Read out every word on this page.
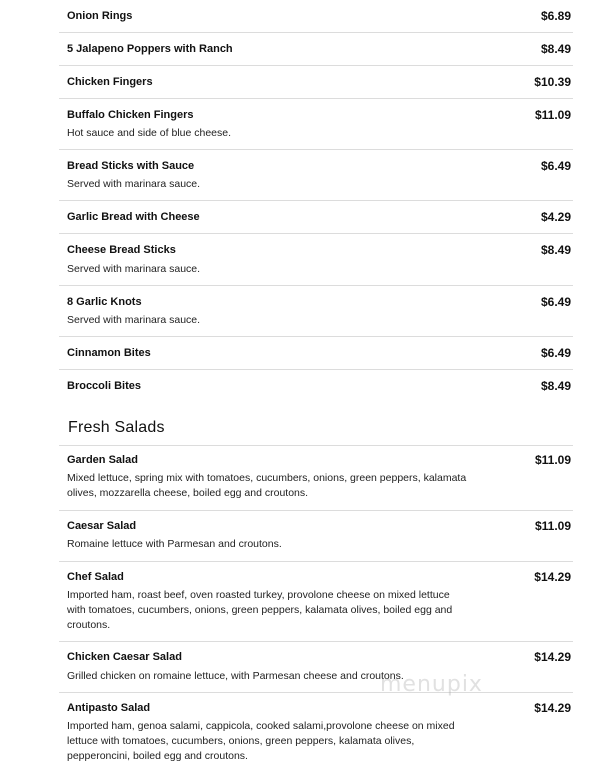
Onion Rings	$6.89
5 Jalapeno Poppers with Ranch	$8.49
Chicken Fingers	$10.39
Buffalo Chicken Fingers	$11.09
Hot sauce and side of blue cheese.
Bread Sticks with Sauce	$6.49
Served with marinara sauce.
Garlic Bread with Cheese	$4.29
Cheese Bread Sticks	$8.49
Served with marinara sauce.
8 Garlic Knots	$6.49
Served with marinara sauce.
Cinnamon Bites	$6.49
Broccoli Bites	$8.49
Fresh Salads
Garden Salad	$11.09
Mixed lettuce, spring mix with tomatoes, cucumbers, onions, green peppers, kalamata olives, mozzarella cheese, boiled egg and croutons.
Caesar Salad	$11.09
Romaine lettuce with Parmesan and croutons.
Chef Salad	$14.29
Imported ham, roast beef, oven roasted turkey, provolone cheese on mixed lettuce with tomatoes, cucumbers, onions, green peppers, kalamata olives, boiled egg and croutons.
Chicken Caesar Salad	$14.29
Grilled chicken on romaine lettuce, with Parmesan cheese and croutons.
Antipasto Salad	$14.29
Imported ham, genoa salami, cappicola, cooked salami,provolone cheese on mixed lettuce with tomatoes, cucumbers, onions, green peppers, kalamata olives, pepperoncini, boiled egg and croutons.
menupix
